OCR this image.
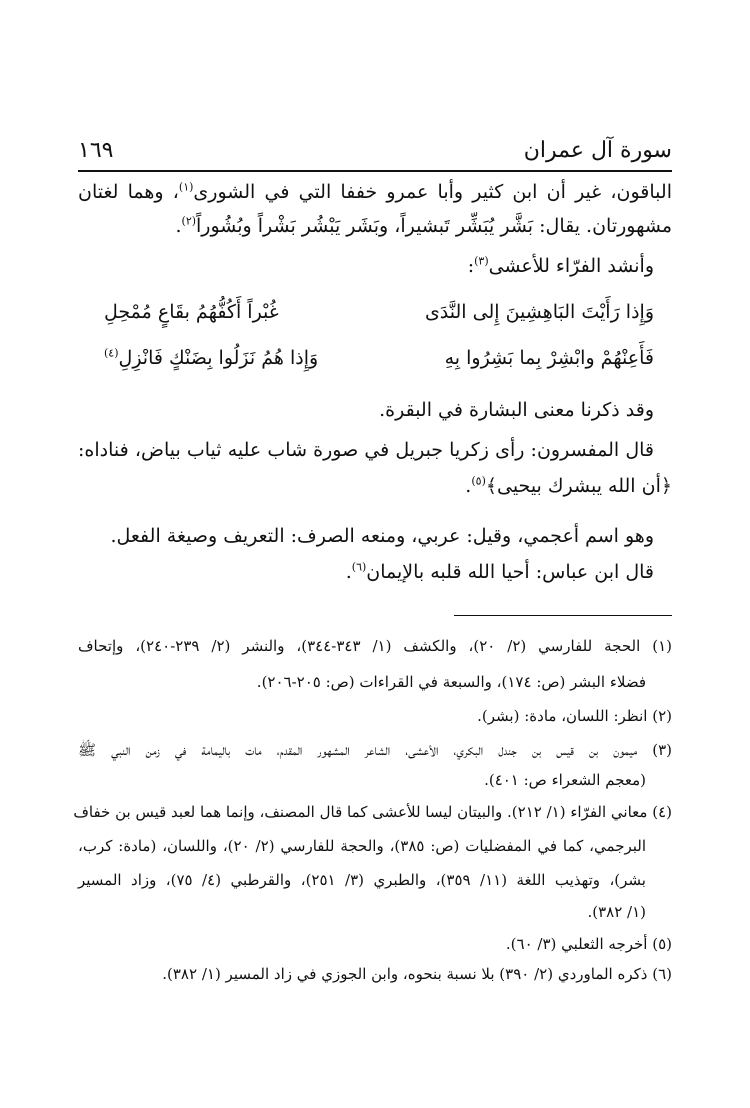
سورة آل عمران
١٦٩
الباقون، غير أن ابن كثير وأبا عمرو خففا التي في الشورى$^{(١)}$، وهما لغتان
مشهورتان. يقال: بَشَّر يُبَشِّر تَبشيراً، وبَشَر يَبْشُر بَشْراً وبُشُوراً$^{(٢)}$.
وأنشد الفرّاء للأعشى$^{(٣)}$:
وَإِذا رَأَيْتَ البَاهِشِينَ إِلى النَّدَى
غُبْراً أَكُفُّهُمُ بقَاعٍ مُمْحِلِ
فَأَعِنْهُمْ وابْشِرْ بِما بَشِرُوا بِهِ
وَإِذا هُمُ نَزَلُوا بِضَنْكٍ فَانْزِلِ$^{(٤)}$
وقد ذكرنا معنى البشارة في البقرة.
قال المفسرون: رأى زكريا جبريل في صورة شاب عليه ثياب بياض، فناداه:
﴿أن الله يبشرك بيحيى﴾$^{(٥)}$.
وهو اسم أعجمي، وقيل: عربي، ومنعه الصرف: التعريف وصيغة الفعل.
قال ابن عباس: أحيا الله قلبه بالإيمان$^{(٦)}$.
(١) الحجة للفارسي (٢/ ٢٠)، والكشف (١/ ٣٤٣-٣٤٤)، والنشر (٢/ ٢٣٩-٢٤٠)، وإتحاف
فضلاء البشر (ص: ١٧٤)، والسبعة في القراءات (ص: ٢٠٥-٢٠٦).
(٢) انظر: اللسان، مادة: (بشر).
(٣) ميمون بن قيس بن جندل البكري، الأعشى، الشاعر المشهور المقدم، مات باليمامة في زمن النبي ﷺ
(معجم الشعراء ص: ٤٠١).
(٤) معاني الفرّاء (١/ ٢١٢). والبيتان ليسا للأعشى كما قال المصنف، وإنما هما لعبد قيس بن خفاف
البرجمي، كما في المفضليات (ص: ٣٨٥)، والحجة للفارسي (٢/ ٢٠)، واللسان، (مادة: كرب،
بشر)، وتهذيب اللغة (١١/ ٣٥٩)، والطبري (٣/ ٢٥١)، والقرطبي (٤/ ٧٥)، وزاد المسير
(١/ ٣٨٢).
(٥) أخرجه الثعلبي (٣/ ٦٠).
(٦) ذكره الماوردي (٢/ ٣٩٠) بلا نسبة بنحوه، وابن الجوزي في زاد المسير (١/ ٣٨٢).
